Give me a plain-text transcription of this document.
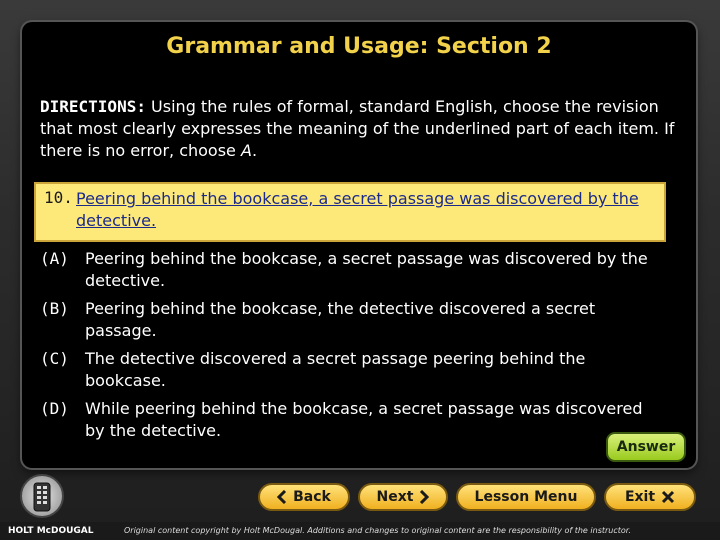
Grammar and Usage: Section 2
DIRECTIONS: Using the rules of formal, standard English, choose the revision that most clearly expresses the meaning of the underlined part of each item. If there is no error, choose A.
10. Peering behind the bookcase, a secret passage was discovered by the detective.
(A) Peering behind the bookcase, a secret passage was discovered by the detective.
(B) Peering behind the bookcase, the detective discovered a secret passage.
(C) The detective discovered a secret passage peering behind the bookcase.
(D) While peering behind the bookcase, a secret passage was discovered by the detective.
Answer
Back	Next	Lesson Menu	Exit
HOLT McDOUGAL	Original content copyright by Holt McDougal. Additions and changes to original content are the responsibility of the instructor.
